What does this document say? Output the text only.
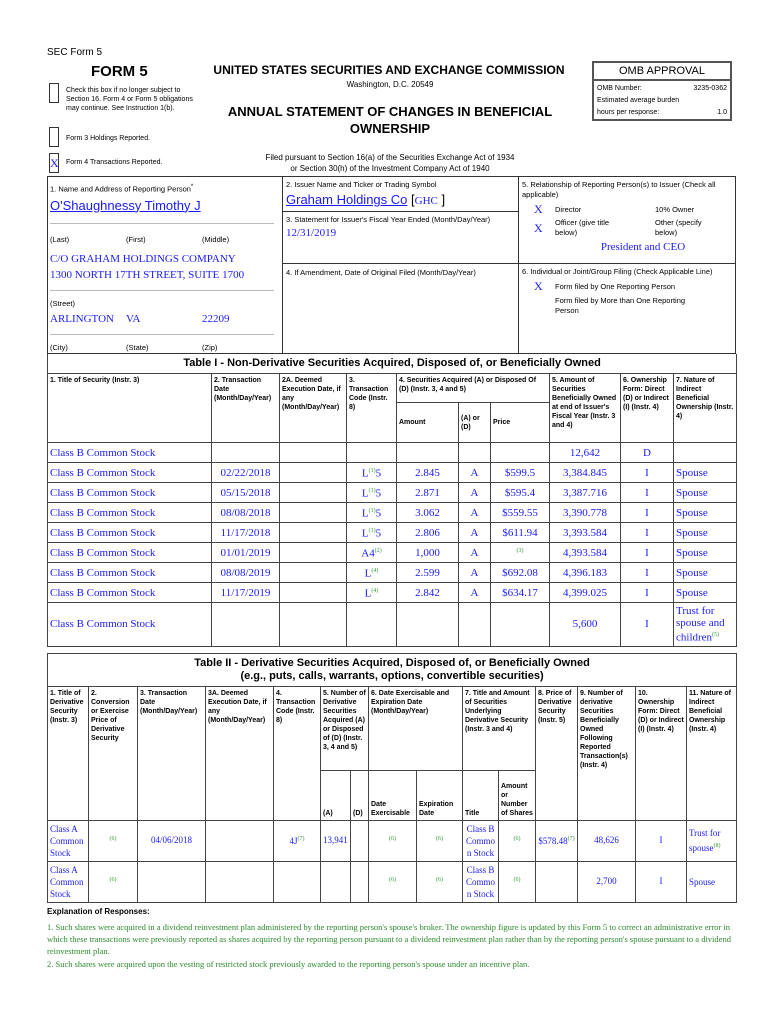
SEC Form 5
FORM 5	UNITED STATES SECURITIES AND EXCHANGE COMMISSION
Washington, D.C. 20549
ANNUAL STATEMENT OF CHANGES IN BENEFICIAL OWNERSHIP
Filed pursuant to Section 16(a) of the Securities Exchange Act of 1934
or Section 30(h) of the Investment Company Act of 1940
Check this box if no longer subject to Section 16. Form 4 or Form 5 obligations may continue. See Instruction 1(b).
Form 3 Holdings Reported.
X Form 4 Transactions Reported.
OMB APPROVAL
OMB Number:	3235-0362
Estimated average burden
hours per response:	1.0
1. Name and Address of Reporting Person*
O'Shaughnessy Timothy J
(Last)	(First)	(Middle)
C/O GRAHAM HOLDINGS COMPANY
1300 NORTH 17TH STREET, SUITE 1700
(Street)
ARLINGTON	VA	22209
(City)	(State)	(Zip)
2. Issuer Name and Ticker or Trading Symbol
Graham Holdings Co [GHC ]
3. Statement for Issuer's Fiscal Year Ended (Month/Day/Year)
12/31/2019
4. If Amendment, Date of Original Filed (Month/Day/Year)
5. Relationship of Reporting Person(s) to Issuer (Check all applicable)
X	Director	10% Owner
X	Officer (give title below)
Other (specify below)
President and CEO
6. Individual or Joint/Group Filing (Check Applicable Line)
X	Form filed by One Reporting Person
Form filed by More than One Reporting Person
Table I - Non-Derivative Securities Acquired, Disposed of, or Beneficially Owned									
1. Title of Security (Instr. 3)	2. Transaction Date (Month/Day/Year)	2A. Deemed Execution Date, if any (Month/Day/Year)	3. Transaction Code (Instr. 8)	4. Securities Acquired (A) or Disposed Of (D) (Instr. 3, 4 and 5)			5. Amount of Securities Beneficially Owned at end of Issuer's Fiscal Year (Instr. 3 and 4)	6. Ownership Form: Direct (D) or Indirect (I) (Instr. 4)	7. Nature of Indirect Beneficial Ownership (Instr. 4)
				Amount	(A) or (D)	Price			
Class B Common Stock							12,642	D	
Class B Common Stock	02/22/2018		$L^{(1)}5$	2.845	A	$599.5	3,384.845	I	Spouse
Class B Common Stock	05/15/2018		$L^{(1)}5$	2.871	A	$595.4	3,387.716	I	Spouse
Class B Common Stock	08/08/2018		$L^{(1)}5$	3.062	A	$559.55	3,390.778	I	Spouse
Class B Common Stock	11/17/2018		$L^{(1)}5$	2.806	A	$611.94	3,393.584	I	Spouse
Class B Common Stock	01/01/2019		A4$^{(2)}$	1,000	A	$^{(3)}$	4,393.584	I	Spouse
Class B Common Stock	08/08/2019		$L^{(4)}$	2.599	A	$692.08	4,396.183	I	Spouse
Class B Common Stock	11/17/2019		$L^{(4)}$	2.842	A	$634.17	4,399.025	I	Spouse
Class B Common Stock							5,600	I	Trust for spouse and children$^{(5)}$
Table II - Derivative Securities Acquired, Disposed of, or Beneficially Owned
(e.g., puts, calls, warrants, options, convertible securities)														

1. Title of Derivative Security (Instr. 3)	2. Conversion or Exercise Price of Derivative Security	3. Transaction Date (Month/Day/Year)	3A. Deemed Execution Date, if any (Month/Day/Year)	4. Transaction Code (Instr. 8)	5. Number of Derivative Securities Acquired (A) or Disposed of (D) (Instr. 3, 4 and 5)		6. Date Exercisable and Expiration Date (Month/Day/Year)		7. Title and Amount of Securities Underlying Derivative Security (Instr. 3 and 4)		8. Price of Derivative Security (Instr. 5)	9. Number of derivative Securities Beneficially Owned Following Reported Transaction(s) (Instr. 4)	10. Ownership Form: Direct (D) or Indirect (I) (Instr. 4)	11. Nature of Indirect Beneficial Ownership (Instr. 4)
					(A)	(D)	Date Exercisable	Expiration Date	Title	Amount or Number of Shares				
Class A Common Stock	$^{(6)}$	04/06/2018		$4J^{(7)}$	13,941		$^{(6)}$	$^{(6)}$	Class B Common Stock	$^{(6)}$	$578.48$^{(7)}$	48,626	I	Trust for spouse$^{(8)}$
Class A Common Stock	$^{(6)}$						$^{(6)}$	$^{(6)}$	Class B Common Stock	$^{(6)}$		2,700	I	Spouse
Explanation of Responses:
1. Such shares were acquired in a dividend reinvestment plan administered by the reporting person's spouse's broker. The ownership figure is updated by this Form 5 to correct an administrative error in which these transactions were previously reported as shares acquired by the reporting person pursuant to a dividend reinvestment plan rather than by the reporting person's spouse pursuant to a dividend reinvestment plan.
2. Such shares were acquired upon the vesting of restricted stock previously awarded to the reporting person's spouse under an incentive plan.
